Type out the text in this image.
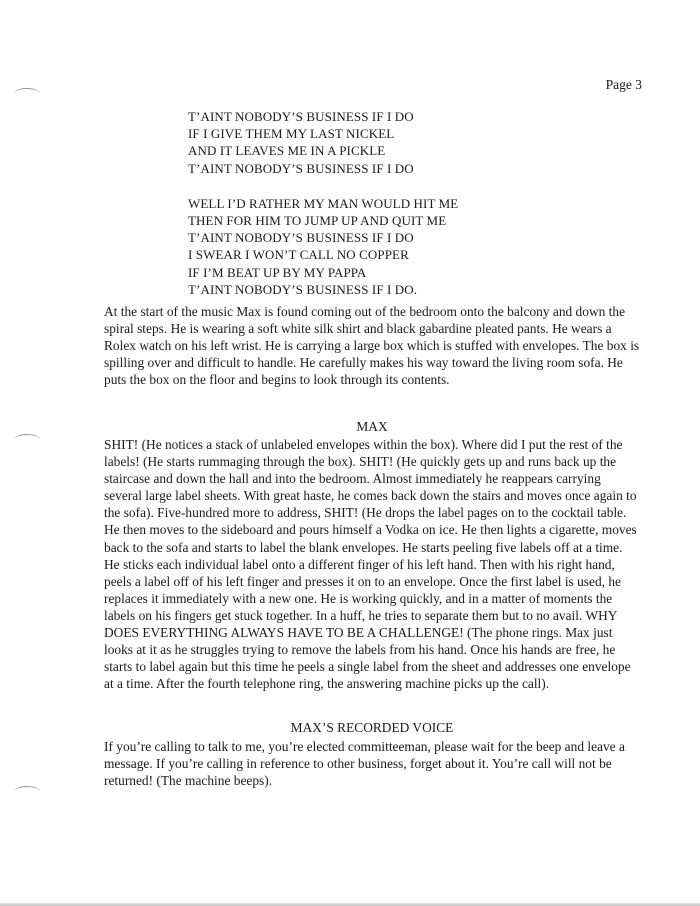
Page 3
T’AINT NOBODY’S BUSINESS IF I DO
IF I GIVE THEM MY LAST NICKEL
AND IT LEAVES ME IN A PICKLE
T’AINT NOBODY’S BUSINESS IF I DO
WELL I’D RATHER MY MAN WOULD HIT ME
THEN FOR HIM TO JUMP UP AND QUIT ME
T’AINT NOBODY’S BUSINESS IF I DO
I SWEAR I WON’T CALL NO COPPER
IF I’M BEAT UP BY MY PAPPA
T’AINT NOBODY’S BUSINESS IF I DO.
At the start of the music Max is found coming out of the bedroom onto the balcony and down the spiral steps. He is wearing a soft white silk shirt and black gabardine pleated pants. He wears a Rolex watch on his left wrist. He is carrying a large box which is stuffed with envelopes. The box is spilling over and difficult to handle. He carefully makes his way toward the living room sofa. He puts the box on the floor and begins to look through its contents.
MAX
SHIT! (He notices a stack of unlabeled envelopes within the box). Where did I put the rest of the labels! (He starts rummaging through the box). SHIT! (He quickly gets up and runs back up the staircase and down the hall and into the bedroom. Almost immediately he reappears carrying several large label sheets. With great haste, he comes back down the stairs and moves once again to the sofa). Five-hundred more to address, SHIT! (He drops the label pages on to the cocktail table. He then moves to the sideboard and pours himself a Vodka on ice. He then lights a cigarette, moves back to the sofa and starts to label the blank envelopes. He starts peeling five labels off at a time. He sticks each individual label onto a different finger of his left hand. Then with his right hand, peels a label off of his left finger and presses it on to an envelope. Once the first label is used, he replaces it immediately with a new one. He is working quickly, and in a matter of moments the labels on his fingers get stuck together. In a huff, he tries to separate them but to no avail. WHY DOES EVERYTHING ALWAYS HAVE TO BE A CHALLENGE! (The phone rings. Max just looks at it as he struggles trying to remove the labels from his hand. Once his hands are free, he starts to label again but this time he peels a single label from the sheet and addresses one envelope at a time. After the fourth telephone ring, the answering machine picks up the call).
MAX’S RECORDED VOICE
If you’re calling to talk to me, you’re elected committeeman, please wait for the beep and leave a message. If you’re calling in reference to other business, forget about it. You’re call will not be returned! (The machine beeps).
